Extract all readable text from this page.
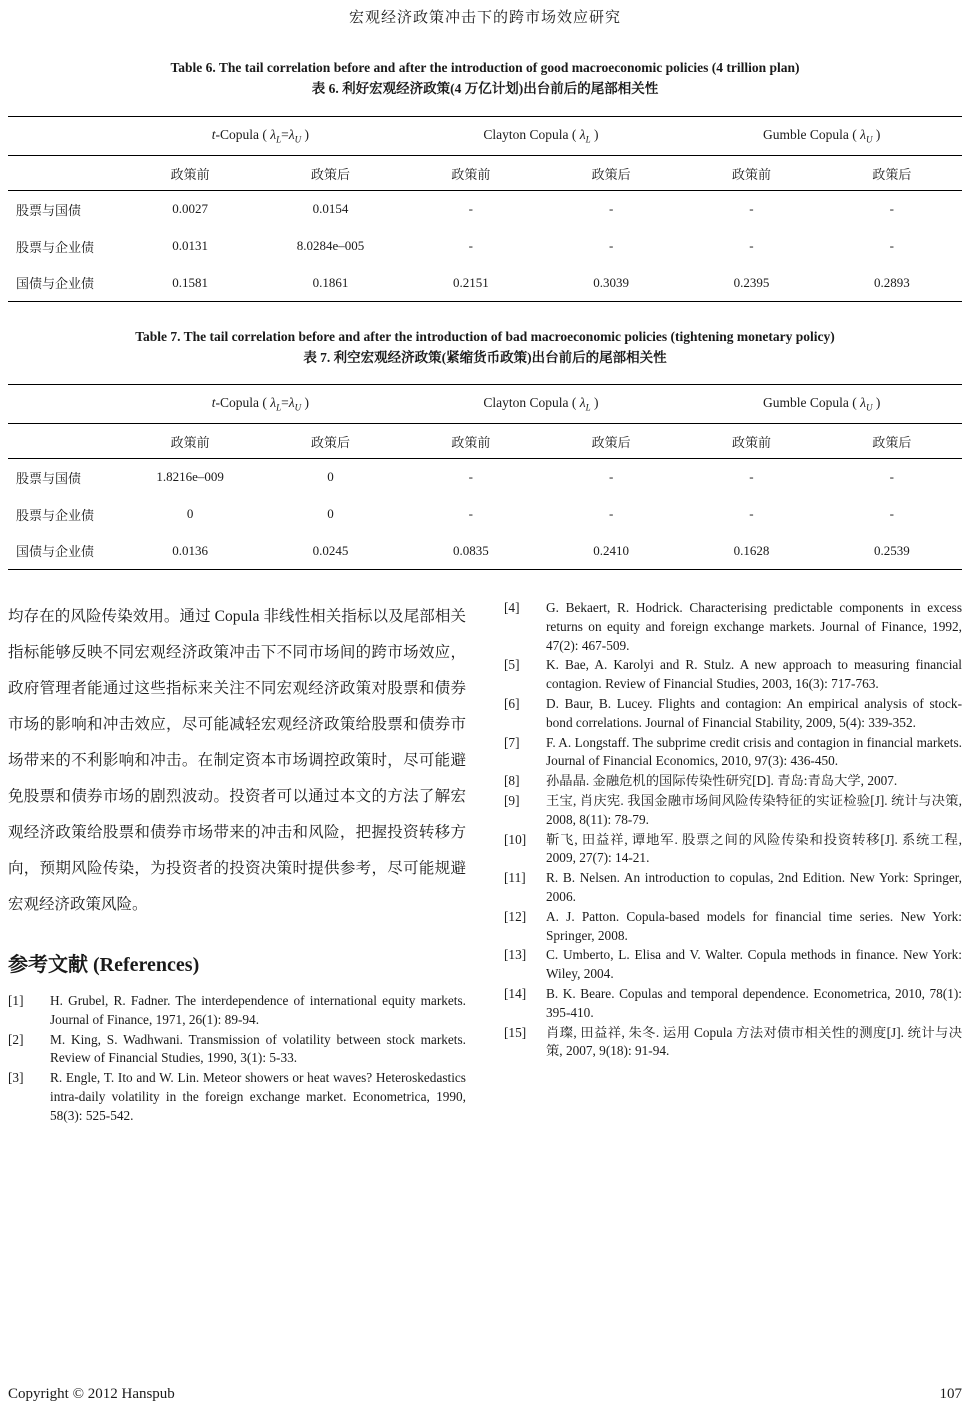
宏观经济政策冲击下的跨市场效应研究
Table 6. The tail correlation before and after the introduction of good macroeconomic policies (4 trillion plan)
表 6. 利好宏观经济政策(4 万亿计划)出台前后的尾部相关性
	t-Copula ( $\lambda_L=\lambda_U$ )		Clayton Copula ( $\lambda_L$ )		Gumble Copula ( $\lambda_U$ )	
	政策前	政策后	政策前	政策后	政策前	政策后
股票与国债	0.0027	0.0154	-	-	-	-
股票与企业债	0.0131	8.0284e–005	-	-	-	-
国债与企业债	0.1581	0.1861	0.2151	0.3039	0.2395	0.2893
Table 7. The tail correlation before and after the introduction of bad macroeconomic policies (tightening monetary policy)
表 7. 利空宏观经济政策(紧缩货币政策)出台前后的尾部相关性
	t-Copula ( $\lambda_L=\lambda_U$ )		Clayton Copula ( $\lambda_L$ )		Gumble Copula ( $\lambda_U$ )	
	政策前	政策后	政策前	政策后	政策前	政策后
股票与国债	1.8216e–009	0	-	-	-	-
股票与企业债	0	0	-	-	-	-
国债与企业债	0.0136	0.0245	0.0835	0.2410	0.1628	0.2539

均存在的风险传染效用。通过 Copula 非线性相关指标以及尾部相关指标能够反映不同宏观经济政策冲击下不同市场间的跨市场效应，政府管理者能通过这些指标来关注不同宏观经济政策对股票和债券市场的影响和冲击效应，尽可能减轻宏观经济政策给股票和债券市场带来的不利影响和冲击。在制定资本市场调控政策时，尽可能避免股票和债券市场的剧烈波动。投资者可以通过本文的方法了解宏观经济政策给股票和债券市场带来的冲击和风险，把握投资转移方向，预期风险传染，为投资者的投资决策时提供参考，尽可能规避宏观经济政策风险。

参考文献 (References)
[1]	H. Grubel, R. Fadner. The interdependence of international equity markets. Journal of Finance, 1971, 26(1): 89-94.
[2]	M. King, S. Wadhwani. Transmission of volatility between stock markets. Review of Financial Studies, 1990, 3(1): 5-33.
[3]	R. Engle, T. Ito and W. Lin. Meteor showers or heat waves? Heteroskedastics intra-daily volatility in the foreign exchange market. Econometrica, 1990, 58(3): 525-542.
[4]	G. Bekaert, R. Hodrick. Characterising predictable components in excess returns on equity and foreign exchange markets. Journal of Finance, 1992, 47(2): 467-509.
[5]	K. Bae, A. Karolyi and R. Stulz. A new approach to measuring financial contagion. Review of Financial Studies, 2003, 16(3): 717-763.
[6]	D. Baur, B. Lucey. Flights and contagion: An empirical analysis of stock-bond correlations. Journal of Financial Stability, 2009, 5(4): 339-352.
[7]	F. A. Longstaff. The subprime credit crisis and contagion in financial markets. Journal of Financial Economics, 2010, 97(3): 436-450.
[8]	孙晶晶. 金融危机的国际传染性研究[D]. 青岛:青岛大学, 2007.
[9]	王宝, 肖庆宪. 我国金融市场间风险传染特征的实证检验[J]. 统计与决策, 2008, 8(11): 78-79.
[10]	靳飞, 田益祥, 谭地军. 股票之间的风险传染和投资转移[J]. 系统工程, 2009, 27(7): 14-21.
[11]	R. B. Nelsen. An introduction to copulas, 2nd Edition. New York: Springer, 2006.
[12]	A. J. Patton. Copula-based models for financial time series. New York: Springer, 2008.
[13]	C. Umberto, L. Elisa and V. Walter. Copula methods in finance. New York: Wiley, 2004.
[14]	B. K. Beare. Copulas and temporal dependence. Econometrica, 2010, 78(1): 395-410.
[15]	肖璨, 田益祥, 朱冬. 运用 Copula 方法对债市相关性的测度[J]. 统计与决策, 2007, 9(18): 91-94.
Copyright © 2012 Hanspub	107
